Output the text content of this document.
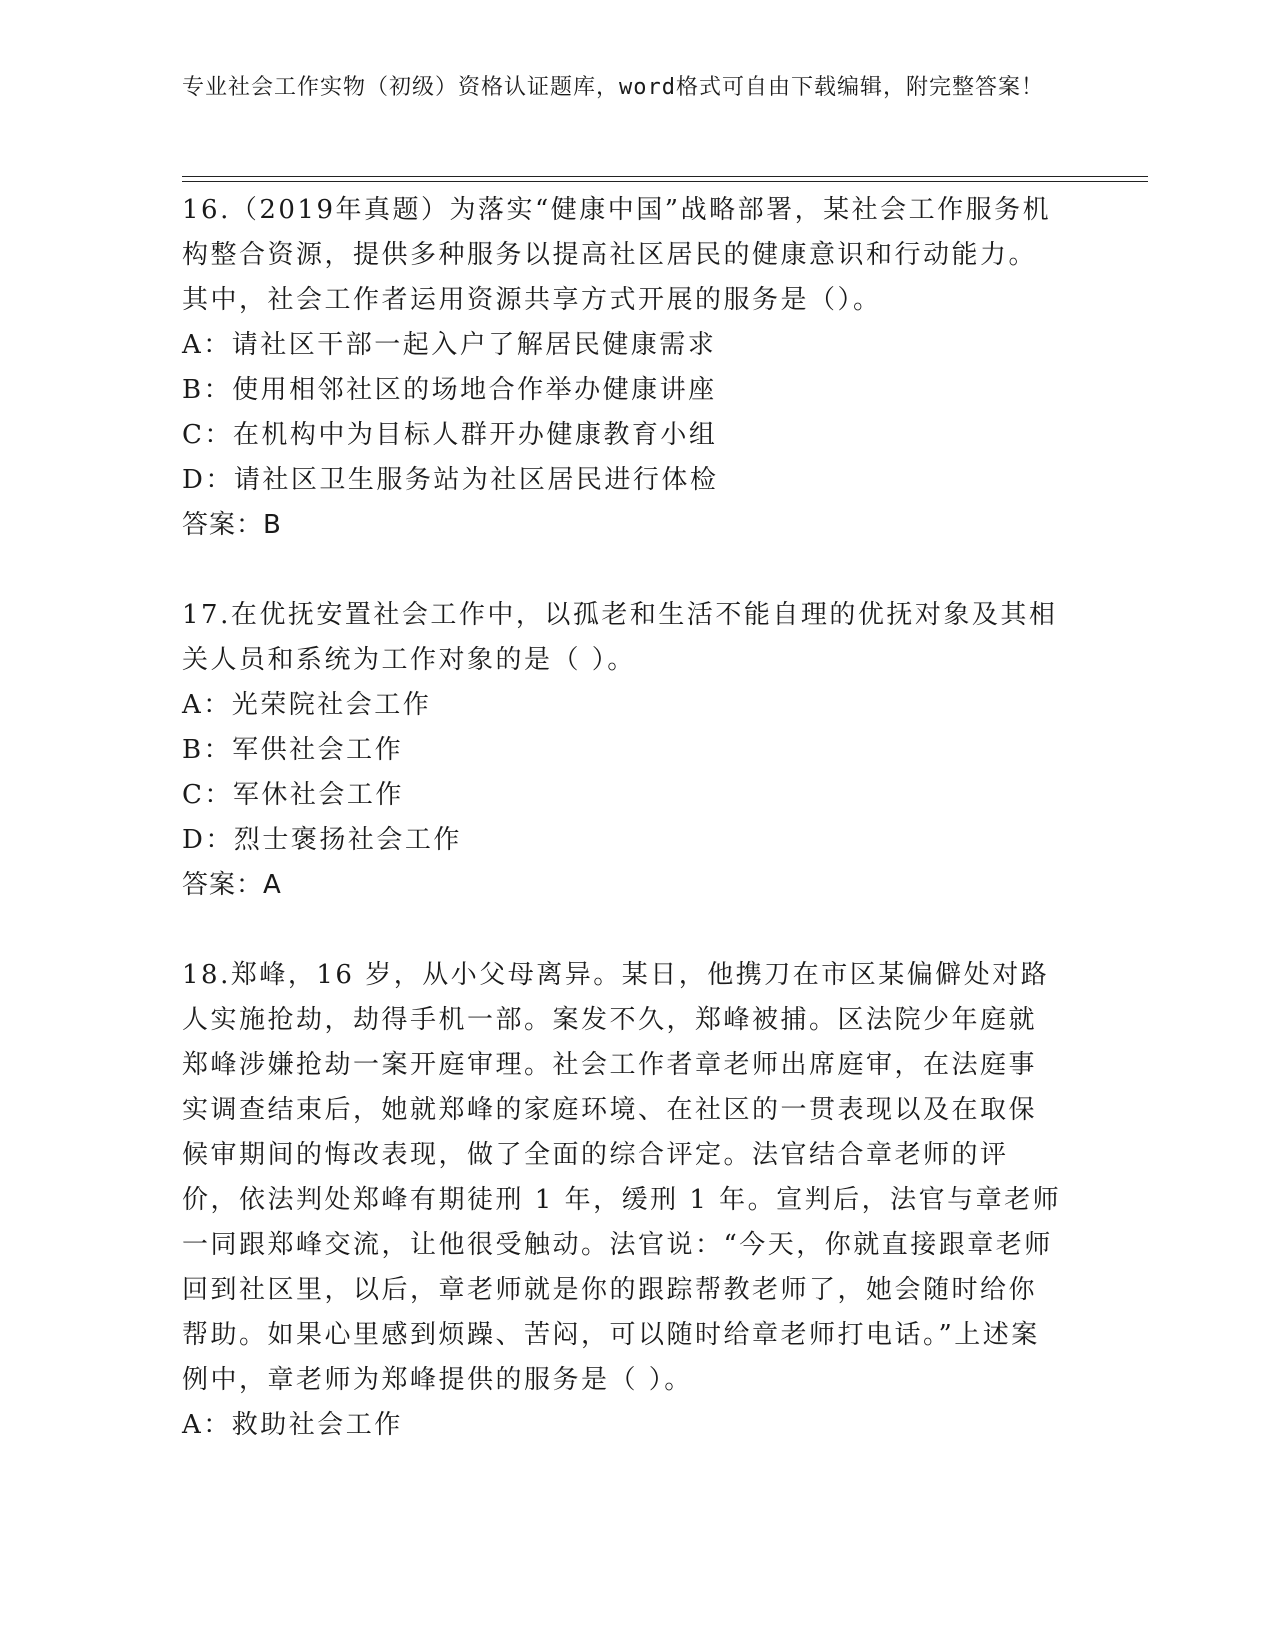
专业社会工作实物（初级）资格认证题库，word格式可自由下载编辑，附完整答案！

16.（2019年真题）为落实“健康中国”战略部署，某社会工作服务机构整合资源，提供多种服务以提高社区居民的健康意识和行动能力。其中，社会工作者运用资源共享方式开展的服务是（）。

A：请社区干部一起入户了解居民健康需求

B：使用相邻社区的场地合作举办健康讲座

C：在机构中为目标人群开办健康教育小组

D：请社区卫生服务站为社区居民进行体检

答案：B

17.在优抚安置社会工作中，以孤老和生活不能自理的优抚对象及其相关人员和系统为工作对象的是（ ）。

A：光荣院社会工作

B：军供社会工作

C：军休社会工作

D：烈士褒扬社会工作

答案：A

18.郑峰，16 岁，从小父母离异。某日，他携刀在市区某偏僻处对路人实施抢劫，劫得手机一部。案发不久，郑峰被捕。区法院少年庭就郑峰涉嫌抢劫一案开庭审理。社会工作者章老师出席庭审，在法庭事实调查结束后，她就郑峰的家庭环境、在社区的一贯表现以及在取保候审期间的悔改表现，做了全面的综合评定。法官结合章老师的评价，依法判处郑峰有期徒刑 1 年，缓刑 1 年。宣判后，法官与章老师一同跟郑峰交流，让他很受触动。法官说：“今天，你就直接跟章老师回到社区里，以后，章老师就是你的跟踪帮教老师了，她会随时给你帮助。如果心里感到烦躁、苦闷，可以随时给章老师打电话。”上述案例中，章老师为郑峰提供的服务是（ ）。

A：救助社会工作
